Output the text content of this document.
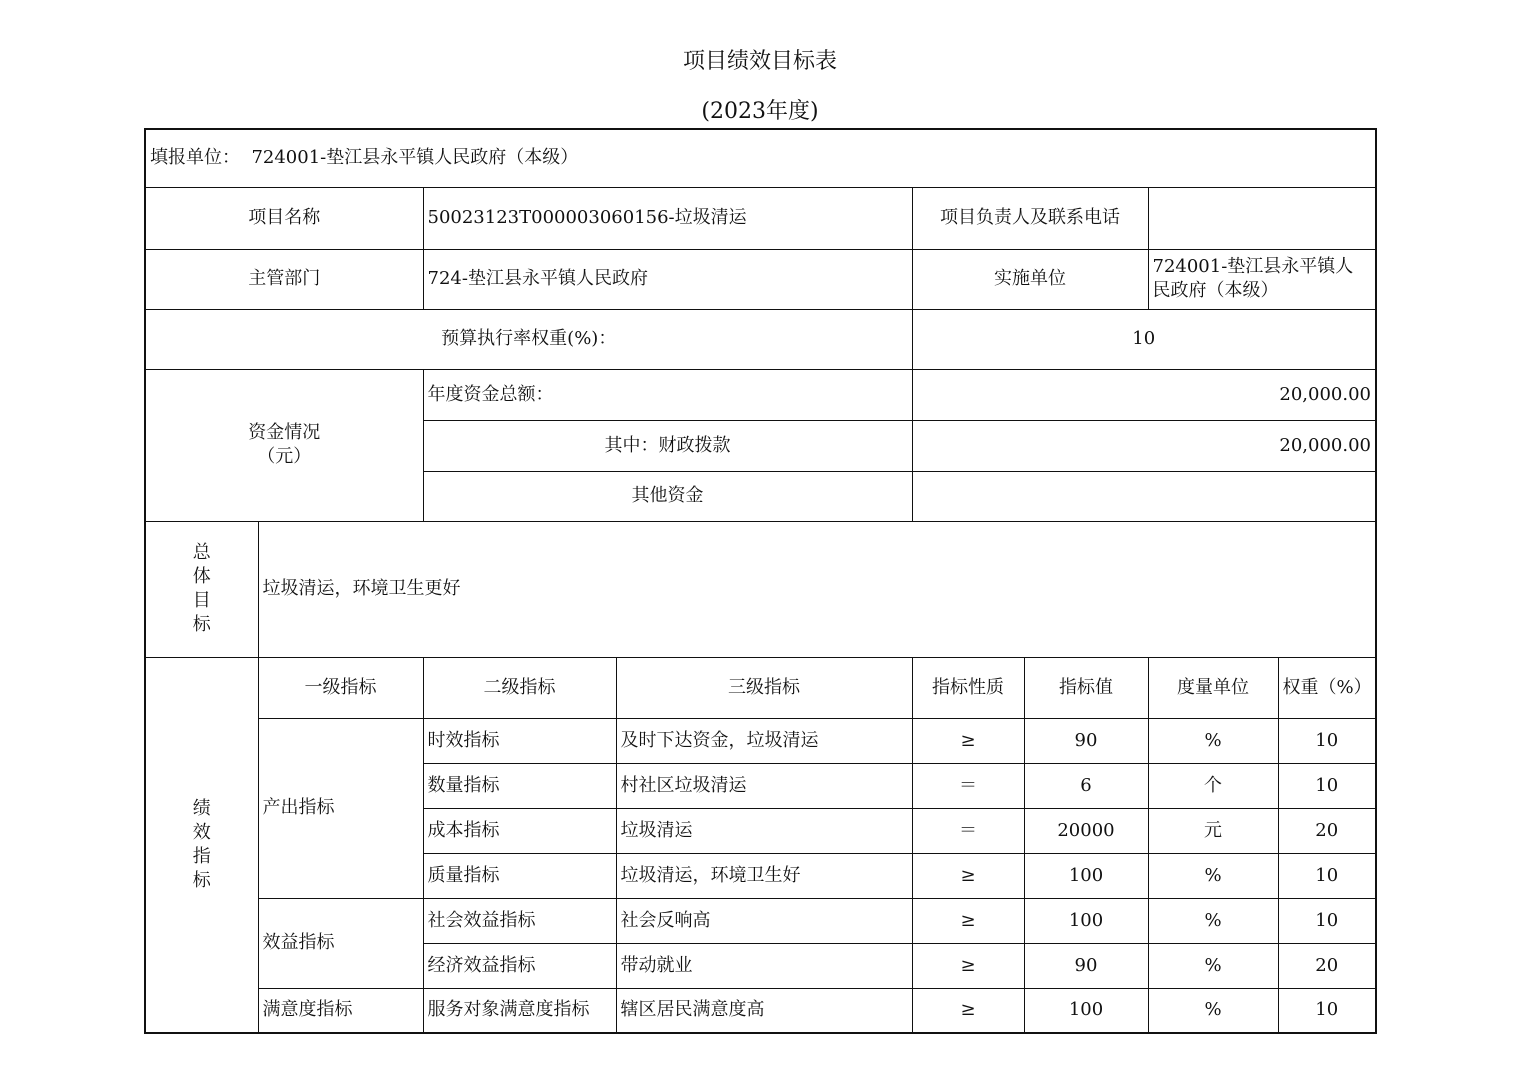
项目绩效目标表
(2023年度)
填报单位： 724001-垫江县永平镇人民政府（本级）							
项目名称		50023123T000003060156-垃圾清运		项目负责人及联系电话			
主管部门		724-垫江县永平镇人民政府		实施单位		724001-垫江县永平镇人民政府（本级）	
预算执行率权重(%)：				10			

资金情况
（元）		年度资金总额：		20,000.00			
		其中：财政拨款		20,000.00			
		其他资金					

总
体
目
标	垃圾清运，环境卫生更好						

绩
效
指
标	一级指标	二级指标	三级指标	指标性质	指标值	度量单位	权重（%）
	产出指标	时效指标	及时下达资金，垃圾清运	≥	90	%	10
		数量指标	村社区垃圾清运	＝	6	个	10
		成本指标	垃圾清运	＝	20000	元	20
		质量指标	垃圾清运，环境卫生好	≥	100	%	10
	效益指标	社会效益指标	社会反响高	≥	100	%	10
		经济效益指标	带动就业	≥	90	%	20
	满意度指标	服务对象满意度指标	辖区居民满意度高	≥	100	%	10
